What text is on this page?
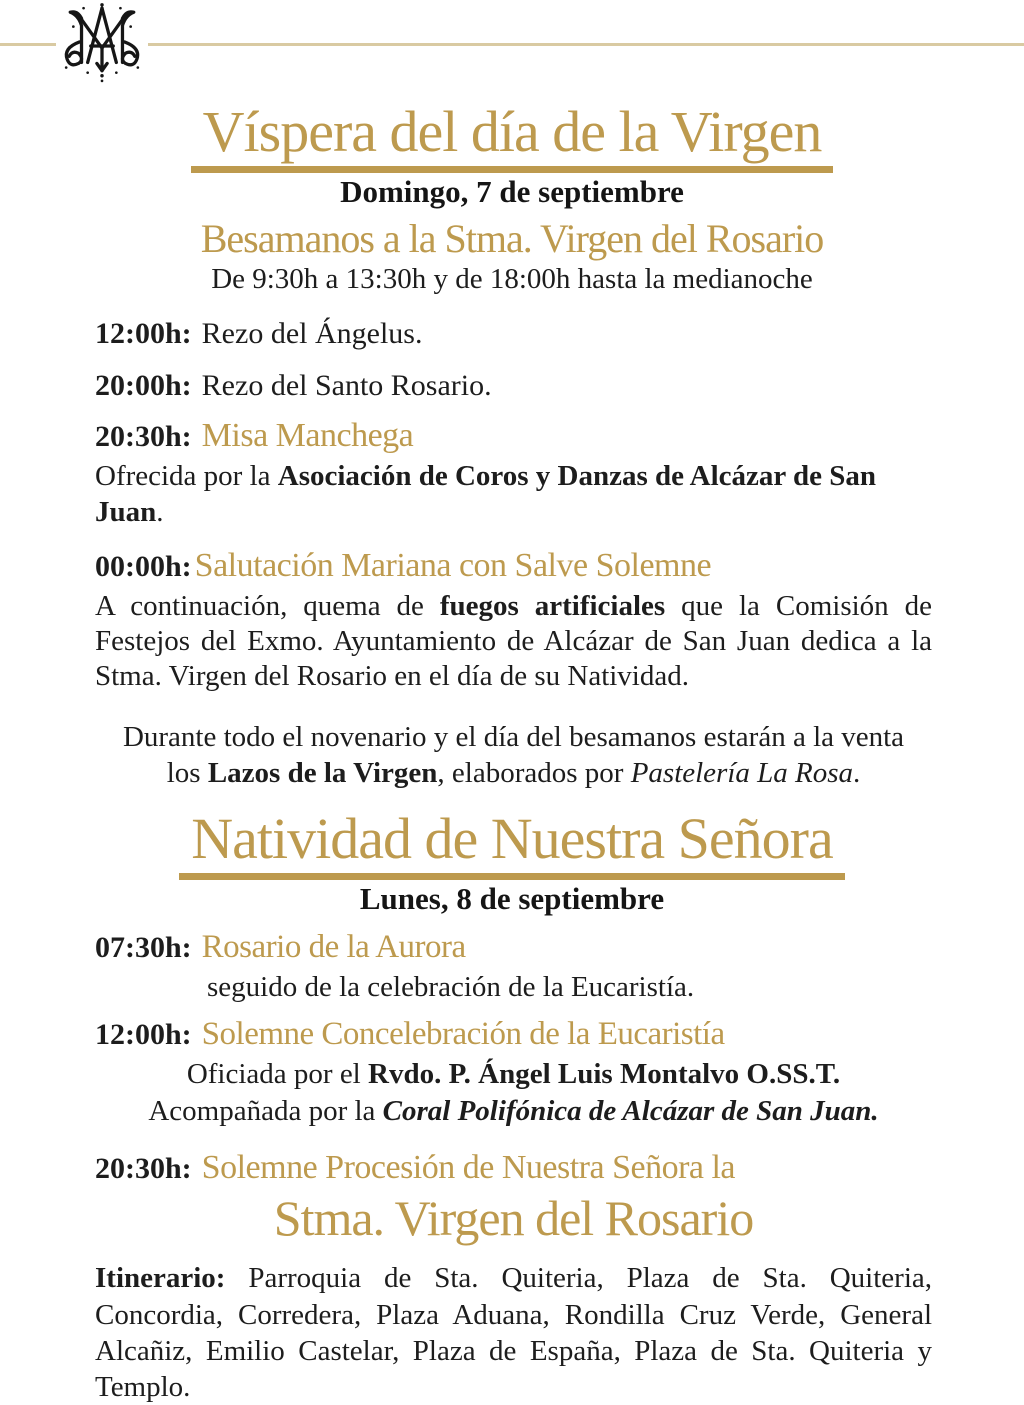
Víspera del día de la Virgen
Domingo, 7 de septiembre
Besamanos a la Stma. Virgen del Rosario
De 9:30h a 13:30h y de 18:00h hasta la medianoche
12:00h: Rezo del Ángelus.
20:00h: Rezo del Santo Rosario.
20:30h: Misa Manchega

Ofrecida por la Asociación de Coros y Danzas de Alcázar de San Juan.

00:00h:Salutación Mariana con Salve Solemne

A continuación, quema de fuegos artificiales que la Comisión de Festejos del Exmo. Ayuntamiento de Alcázar de San Juan dedica a la Stma. Virgen del Rosario en el día de su Natividad.

Durante todo el novenario y el día del besamanos estarán a la venta los Lazos de la Virgen, elaborados por Pastelería La Rosa.

Natividad de Nuestra Señora
Lunes, 8 de septiembre
07:30h: Rosario de la Aurora

seguido de la celebración de la Eucaristía.

12:00h: Solemne Concelebración de la Eucaristía

Oficiada por el Rvdo. P. Ángel Luis Montalvo O.SS.T.

Acompañada por la Coral Polifónica de Alcázar de San Juan.

20:30h: Solemne Procesión de Nuestra Señora la
Stma. Virgen del Rosario

Itinerario: Parroquia de Sta. Quiteria, Plaza de Sta. Quiteria, Concordia, Corredera, Plaza Aduana, Rondilla Cruz Verde, General Alcañiz, Emilio Castelar, Plaza de España, Plaza de Sta. Quiteria y Templo.
